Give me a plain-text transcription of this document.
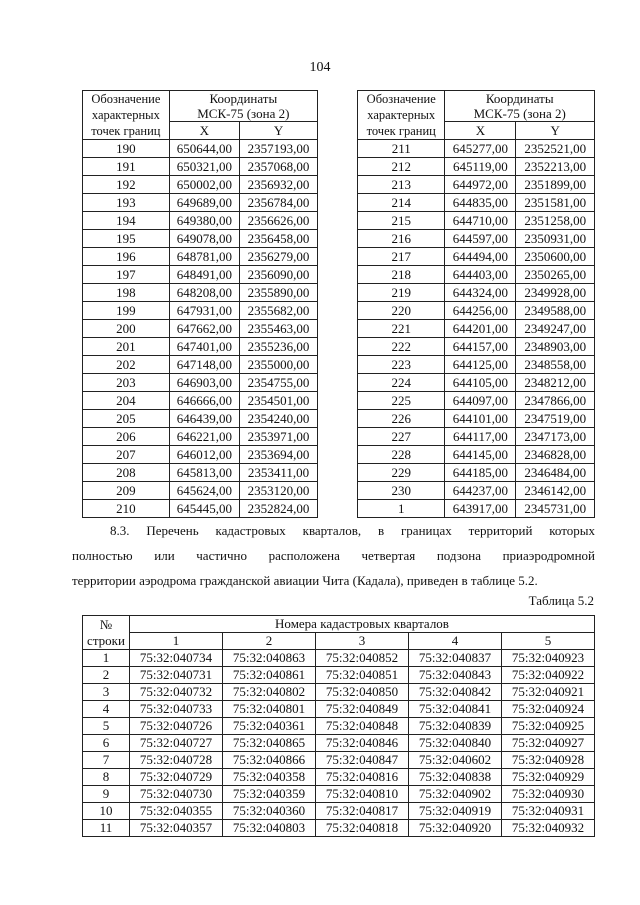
104
Обозначение
характерных
точек границ	Координаты
МСК-75 (зона 2)	
	X	Y
190	650644,00	2357193,00
191	650321,00	2357068,00
192	650002,00	2356932,00
193	649689,00	2356784,00
194	649380,00	2356626,00
195	649078,00	2356458,00
196	648781,00	2356279,00
197	648491,00	2356090,00
198	648208,00	2355890,00
199	647931,00	2355682,00
200	647662,00	2355463,00
201	647401,00	2355236,00
202	647148,00	2355000,00
203	646903,00	2354755,00
204	646666,00	2354501,00
205	646439,00	2354240,00
206	646221,00	2353971,00
207	646012,00	2353694,00
208	645813,00	2353411,00
209	645624,00	2353120,00
210	645445,00	2352824,00
Обозначение
характерных
точек границ	Координаты
МСК-75 (зона 2)	
	X	Y
211	645277,00	2352521,00
212	645119,00	2352213,00
213	644972,00	2351899,00
214	644835,00	2351581,00
215	644710,00	2351258,00
216	644597,00	2350931,00
217	644494,00	2350600,00
218	644403,00	2350265,00
219	644324,00	2349928,00
220	644256,00	2349588,00
221	644201,00	2349247,00
222	644157,00	2348903,00
223	644125,00	2348558,00
224	644105,00	2348212,00
225	644097,00	2347866,00
226	644101,00	2347519,00
227	644117,00	2347173,00
228	644145,00	2346828,00
229	644185,00	2346484,00
230	644237,00	2346142,00
1	643917,00	2345731,00
8.3. Перечень кадастровых кварталов, в границах территорий которых
полностью или частично расположена четвертая подзона приаэродромной
территории аэродрома гражданской авиации Чита (Кадала), приведен в таблице 5.2.
Таблица 5.2
№
строки	Номера кадастровых кварталов				
	1	2	3	4	5
1	75:32:040734	75:32:040863	75:32:040852	75:32:040837	75:32:040923
2	75:32:040731	75:32:040861	75:32:040851	75:32:040843	75:32:040922
3	75:32:040732	75:32:040802	75:32:040850	75:32:040842	75:32:040921
4	75:32:040733	75:32:040801	75:32:040849	75:32:040841	75:32:040924
5	75:32:040726	75:32:040361	75:32:040848	75:32:040839	75:32:040925
6	75:32:040727	75:32:040865	75:32:040846	75:32:040840	75:32:040927
7	75:32:040728	75:32:040866	75:32:040847	75:32:040602	75:32:040928
8	75:32:040729	75:32:040358	75:32:040816	75:32:040838	75:32:040929
9	75:32:040730	75:32:040359	75:32:040810	75:32:040902	75:32:040930
10	75:32:040355	75:32:040360	75:32:040817	75:32:040919	75:32:040931
11	75:32:040357	75:32:040803	75:32:040818	75:32:040920	75:32:040932
